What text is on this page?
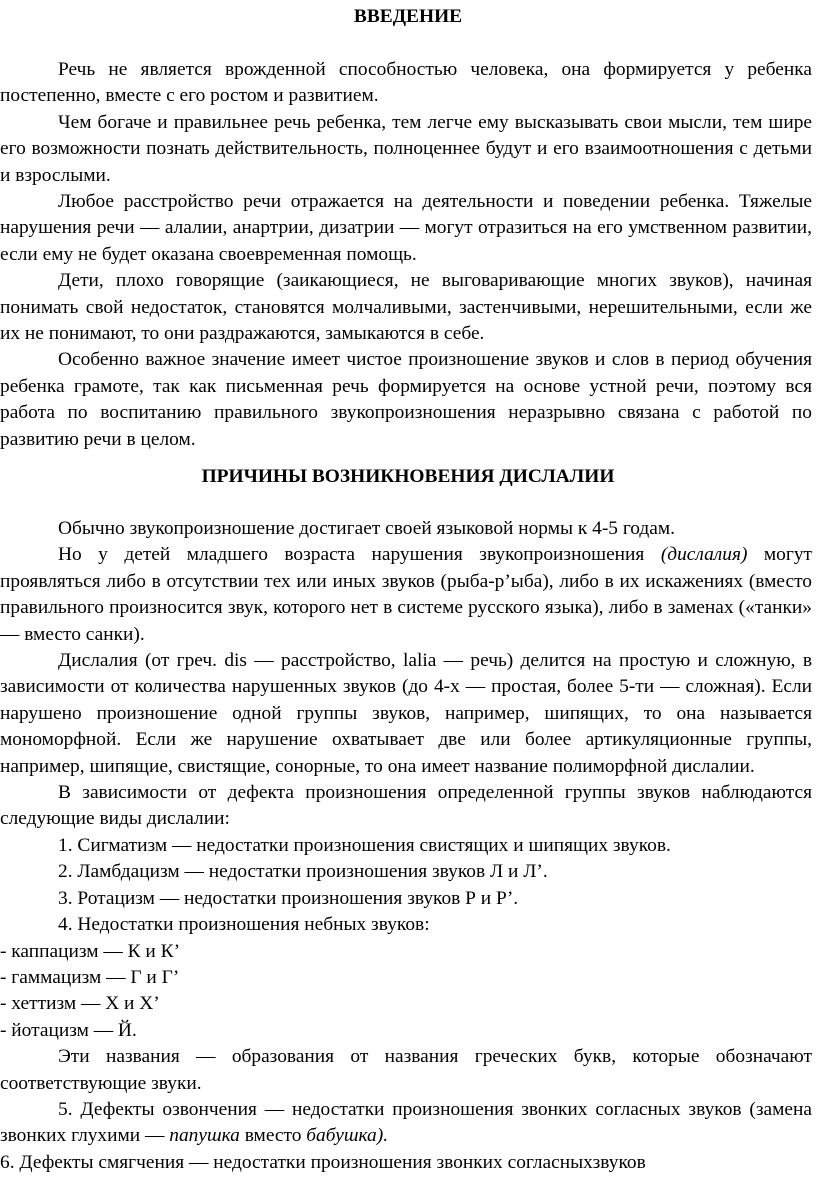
ВВЕДЕНИЕ

Речь не является врожденной способностью человека, она формируется у ребенка постепенно, вместе с его ростом и развитием.

Чем богаче и правильнее речь ребенка, тем легче ему высказывать свои мысли, тем шире его возможности познать действительность, полноценнее будут и его взаимоотношения с детьми и взрослыми.

Любое расстройство речи отражается на деятельности и поведении ребенка. Тяжелые нарушения речи — алалии, анартрии, дизатрии — могут отразиться на его умственном развитии, если ему не будет оказана своевременная помощь.

Дети, плохо говорящие (заикающиеся, не выговаривающие многих звуков), начиная понимать свой недостаток, становятся молчаливыми, застенчивыми, нерешительными, если же их не понимают, то они раздражаются, замыкаются в себе.

Особенно важное значение имеет чистое произношение звуков и слов в период обучения ребенка грамоте, так как письменная речь формируется на основе устной речи, поэтому вся работа по воспитанию правильного звукопроизношения неразрывно связана с работой по развитию речи в целом.

ПРИЧИНЫ ВОЗНИКНОВЕНИЯ ДИСЛАЛИИ

Обычно звукопроизношение достигает своей языковой нормы к 4-5 годам.

Но у детей младшего возраста нарушения звукопроизношения (дислалия) могут проявляться либо в отсутствии тех или иных звуков (рыба-р’ыба), либо в их искажениях (вместо правильного произносится звук, которого нет в системе русского языка), либо в заменах («танки» — вместо санки).

Дислалия (от греч. dis — расстройство, lalia — речь) делится на простую и сложную, в зависимости от количества нарушенных звуков (до 4-х — простая, более 5-ти — сложная). Если нарушено произношение одной группы звуков, например, шипящих, то она называется мономорфной. Если же нарушение охватывает две или более артикуляционные группы, например, шипящие, свистящие, сонорные, то она имеет название полиморфной дислалии.

В зависимости от дефекта произношения определенной группы звуков наблюдаются следующие виды дислалии:

1. Сигматизм — недостатки произношения свистящих и шипящих звуков.

2. Ламбдацизм — недостатки произношения звуков Л и Л’.

3. Ротацизм — недостатки произношения звуков Р и Р’.

4. Недостатки произношения небных звуков:

- каппацизм — К и К’

- гаммацизм — Г и Г’

- хеттизм — Х и Х’

- йотацизм — Й.

Эти названия — образования от названия греческих букв, которые обозначают соответствующие звуки.

5. Дефекты озвончения — недостатки произношения звонких согласных звуков (замена звонких глухими — папушка вместо бабушка).

6. Дефекты смягчения — недостатки произношения звонких согласныхзвуков
